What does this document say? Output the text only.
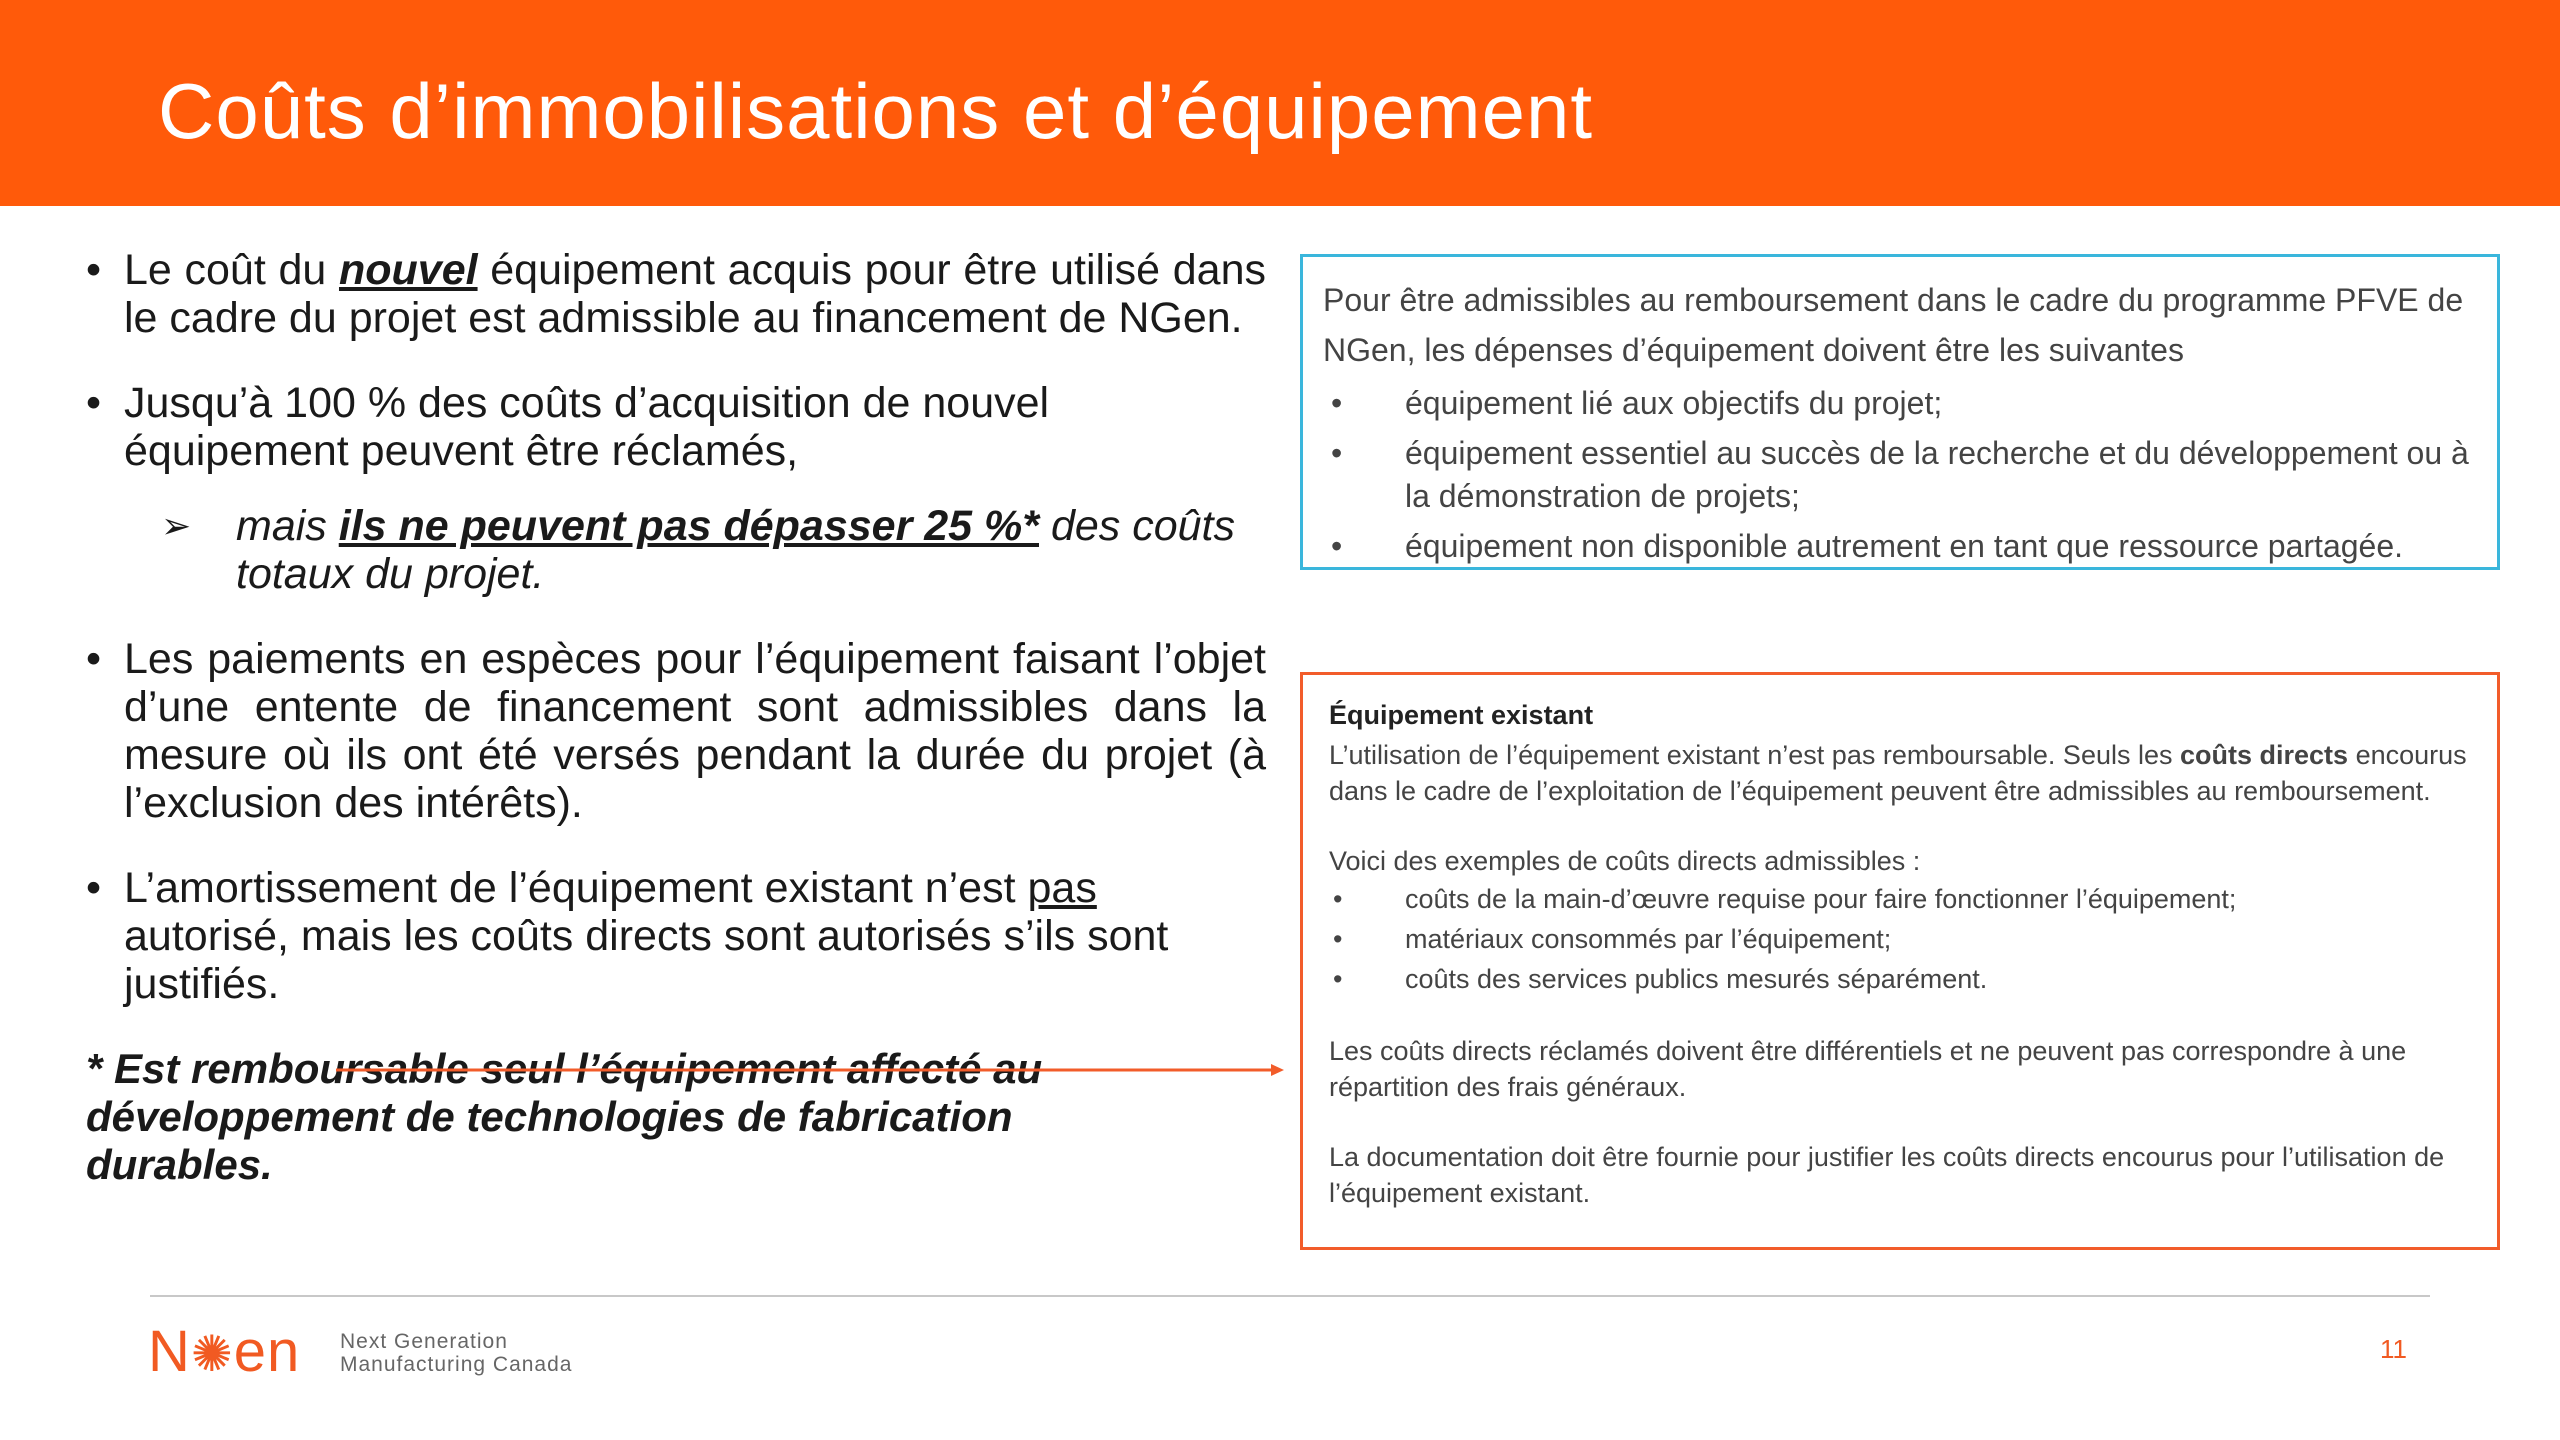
Coûts d’immobilisations et d’équipement
• Le coût du nouvel équipement acquis pour être utilisé dans le cadre du projet est admissible au financement de NGen.
• Jusqu’à 100 % des coûts d’acquisition de nouvel équipement peuvent être réclamés,
➢ mais ils ne peuvent pas dépasser 25 %* des coûts totaux du projet.
• Les paiements en espèces pour l’équipement faisant l’objet d’une entente de financement sont admissibles dans la mesure où ils ont été versés pendant la durée du projet (à l’exclusion des intérêts).
• L’amortissement de l’équipement existant n’est pas autorisé, mais les coûts directs sont autorisés s’ils sont justifiés.
* Est remboursable seul l’équipement affecté au développement de technologies de fabrication durables.
Pour être admissibles au remboursement dans le cadre du programme PFVE de NGen, les dépenses d’équipement doivent être les suivantes
• équipement lié aux objectifs du projet;
• équipement essentiel au succès de la recherche et du développement ou à la démonstration de projets;
• équipement non disponible autrement en tant que ressource partagée.
Équipement existant
L’utilisation de l’équipement existant n’est pas remboursable. Seuls les coûts directs encourus dans le cadre de l’exploitation de l’équipement peuvent être admissibles au remboursement.
Voici des exemples de coûts directs admissibles :
• coûts de la main-d’œuvre requise pour faire fonctionner l’équipement;
• matériaux consommés par l’équipement;
• coûts des services publics mesurés séparément.
Les coûts directs réclamés doivent être différentiels et ne peuvent pas correspondre à une répartition des frais généraux.
La documentation doit être fournie pour justifier les coûts directs encourus pour l’utilisation de l’équipement existant.
N✺en Next Generation
Manufacturing Canada
11
